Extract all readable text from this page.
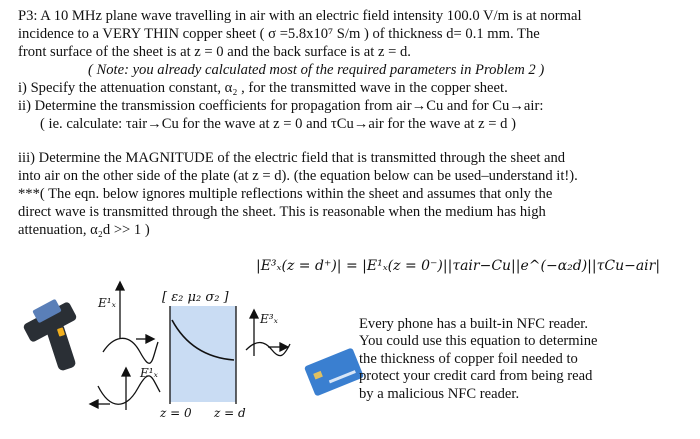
P3: A 10 MHz plane wave travelling in air with an electric field intensity 100.0 V/m is at normal
incidence to a VERY THIN copper sheet ( σ =5.8x10⁷ S/m ) of thickness d= 0.1 mm. The
front surface of the sheet is at z = 0 and the back surface is at z = d.
( Note: you already calculated most of the required parameters in Problem 2 )
i) Specify the attenuation constant, α₂ , for the transmitted wave in the copper sheet.
ii) Determine the transmission coefficients for propagation from air→Cu and for Cu→air:
( ie. calculate: τair→Cu for the wave at z = 0 and τCu→air for the wave at z = d )
iii) Determine the MAGNITUDE of the electric field that is transmitted through the sheet and
into air on the other side of the plate (at z = d). (the equation below can be used–understand it!).
***( The eqn. below ignores multiple reflections within the sheet and assumes that only the
direct wave is transmitted through the sheet. This is reasonable when the medium has high
attenuation, α₂d >> 1 )
|E³ₓ(z = d⁺)| = |E¹ₓ(z = 0⁻)||τair−Cu||e^(−α₂d)||τCu−air|
E¹ₓ
E¹ₓ
E³ₓ
[ ε₂ μ₂ σ₂ ]
z = 0 z = d
Every phone has a built-in NFC reader.
You could use this equation to determine
the thickness of copper foil needed to
protect your credit card from being read
by a malicious NFC reader.
